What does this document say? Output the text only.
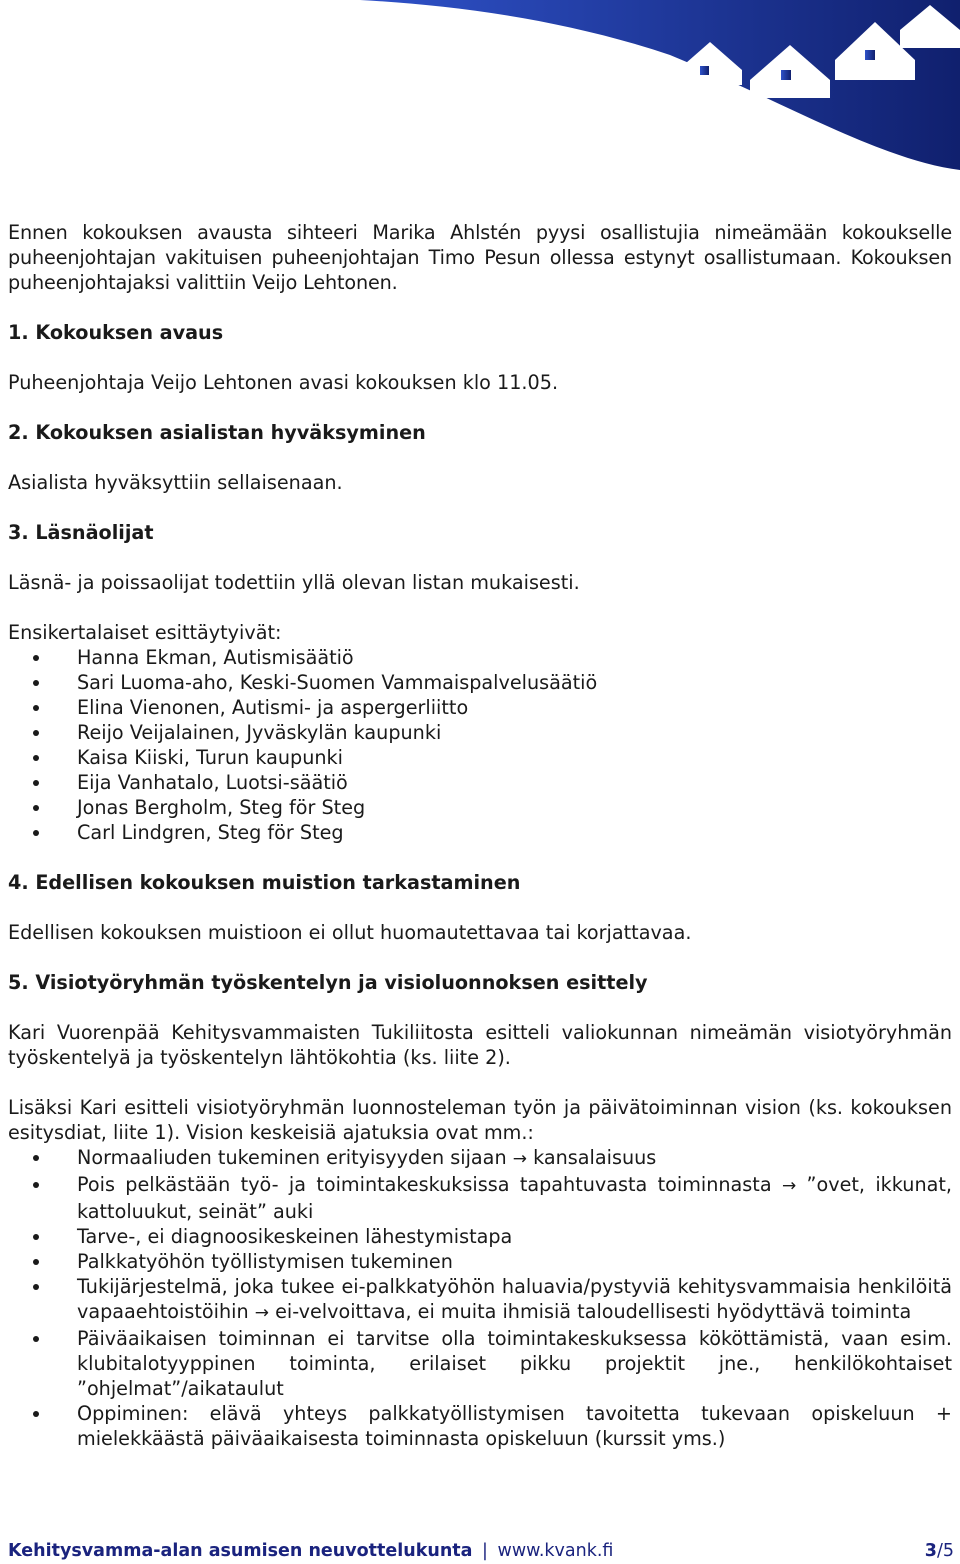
Ennen kokouksen avausta sihteeri Marika Ahlstén pyysi osallistujia nimeämään kokoukselle puheenjohtajan vakituisen puheenjohtajan Timo Pesun ollessa estynyt osallistumaan. Kokouksen puheenjohtajaksi valittiin Veijo Lehtonen.

1. Kokouksen avaus

Puheenjohtaja Veijo Lehtonen avasi kokouksen klo 11.05.

2. Kokouksen asialistan hyväksyminen

Asialista hyväksyttiin sellaisenaan.

3. Läsnäolijat

Läsnä- ja poissaolijat todettiin yllä olevan listan mukaisesti.

Ensikertalaiset esittäytyivät:

Hanna Ekman, Autismisäätiö
Sari Luoma-aho, Keski-Suomen Vammaispalvelusäätiö
Elina Vienonen, Autismi- ja aspergerliitto
Reijo Veijalainen, Jyväskylän kaupunki
Kaisa Kiiski, Turun kaupunki
Eija Vanhatalo, Luotsi-säätiö
Jonas Bergholm, Steg för Steg
Carl Lindgren, Steg för Steg

4. Edellisen kokouksen muistion tarkastaminen

Edellisen kokouksen muistioon ei ollut huomautettavaa tai korjattavaa.

5. Visiotyöryhmän työskentelyn ja visioluonnoksen esittely

Kari Vuorenpää Kehitysvammaisten Tukiliitosta esitteli valiokunnan nimeämän visiotyöryhmän työskentelyä ja työskentelyn lähtökohtia (ks. liite 2).

Lisäksi Kari esitteli visiotyöryhmän luonnosteleman työn ja päivätoiminnan vision (ks. kokouksen esitysdiat, liite 1). Vision keskeisiä ajatuksia ovat mm.:

Normaaliuden tukeminen erityisyyden sijaan → kansalaisuus
Pois pelkästään työ- ja toimintakeskuksissa tapahtuvasta toiminnasta → ”ovet, ikkunat, kattoluukut, seinät” auki
Tarve-, ei diagnoosikeskeinen lähestymistapa
Palkkatyöhön työllistymisen tukeminen
Tukijärjestelmä, joka tukee ei-palkkatyöhön haluavia/pystyviä kehitysvammaisia henkilöitä vapaaehtoistöihin → ei-velvoittava, ei muita ihmisiä taloudellisesti hyödyttävä toiminta
Päiväaikaisen toiminnan ei tarvitse olla toimintakeskuksessa kököttämistä, vaan esim. klubitalotyyppinen toiminta, erilaiset pikku projektit jne., henkilökohtaiset ”ohjelmat”/aikataulut
Oppiminen: elävä yhteys palkkatyöllistymisen tavoitetta tukevaan opiskeluun + mielekkäästä päiväaikaisesta toiminnasta opiskeluun (kurssit yms.)
Kehitysvamma-alan asumisen neuvottelukunta | www.kvank.fi	3/5
